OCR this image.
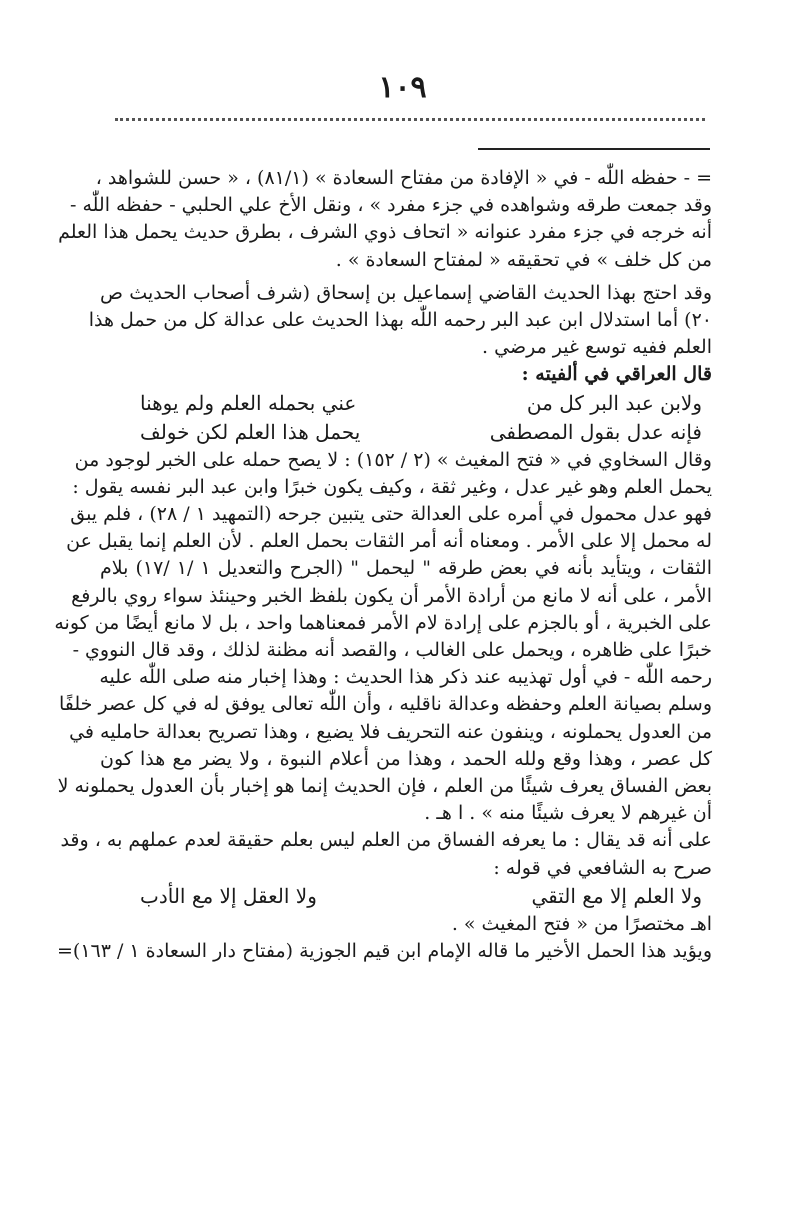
١٠٩
= - حفظه اللّٰه - في « الإفادة من مفتاح السعادة » (٨١/١) ، « حسن للشواهد ،
وقد جمعت طرقه وشواهده في جزء مفرد » ، ونقل الأخ علي الحلبي - حفظه اللّٰه -
أنه خرجه في جزء مفرد عنوانه « اتحاف ذوي الشرف ، بطرق حديث يحمل هذا العلم
من كل خلف » في تحقيقه « لمفتاح السعادة » .
وقد احتج بهذا الحديث القاضي إسماعيل بن إسحاق (شرف أصحاب الحديث ص
٢٠) أما استدلال ابن عبد البر رحمه اللّٰه بهذا الحديث على عدالة كل من حمل هذا
العلم ففيه توسع غير مرضي .
قال العراقي في ألفيته :
ولابن عبد البر كل من
عني بحمله العلم ولم يوهنا
فإنه عدل بقول المصطفى
يحمل هذا العلم لكن خولف
وقال السخاوي في « فتح المغيث » (٢ / ١٥٢) : لا يصح حمله على الخبر لوجود من
يحمل العلم وهو غير عدل ، وغير ثقة ، وكيف يكون خبرًا وابن عبد البر نفسه يقول :
فهو عدل محمول في أمره على العدالة حتى يتبين جرحه (التمهيد ١ / ٢٨) ، فلم يبق
له محمل إلا على الأمر . ومعناه أنه أمر الثقات بحمل العلم . لأن العلم إنما يقبل عن
الثقات ، ويتأيد بأنه في بعض طرقه " ليحمل " (الجرح والتعديل ١ /١ /١٧) بلام
الأمر ، على أنه لا مانع من أرادة الأمر أن يكون بلفظ الخبر وحينئذ سواء روي بالرفع
على الخبرية ، أو بالجزم على إرادة لام الأمر فمعناهما واحد ، بل لا مانع أيضًا من كونه
خبرًا على ظاهره ، ويحمل على الغالب ، والقصد أنه مظنة لذلك ، وقد قال النووي -
رحمه اللّٰه - في أول تهذيبه عند ذكر هذا الحديث : وهذا إخبار منه صلى اللّٰه عليه
وسلم بصيانة العلم وحفظه وعدالة ناقليه ، وأن اللّٰه تعالى يوفق له في كل عصر خلفًا
من العدول يحملونه ، وينفون عنه التحريف فلا يضيع ، وهذا تصريح بعدالة حامليه في
كل عصر ، وهذا وقع ولله الحمد ، وهذا من أعلام النبوة ، ولا يضر مع هذا كون
بعض الفساق يعرف شيئًا من العلم ، فإن الحديث إنما هو إخبار بأن العدول يحملونه لا
أن غيرهم لا يعرف شيئًا منه » . ا هـ .
على أنه قد يقال : ما يعرفه الفساق من العلم ليس بعلم حقيقة لعدم عملهم به ، وقد
صرح به الشافعي في قوله :
ولا العلم إلا مع التقي
ولا العقل إلا مع الأدب
اهـ مختصرًا من « فتح المغيث » .
ويؤيد هذا الحمل الأخير ما قاله الإمام ابن قيم الجوزية (مفتاح دار السعادة ١ / ١٦٣)=
